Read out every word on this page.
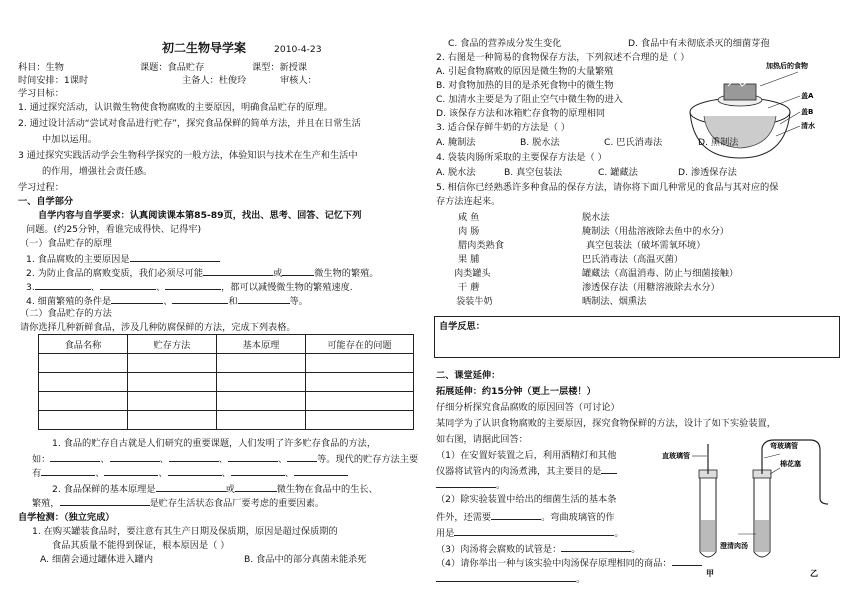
初二生物导学案	2010-4-23
科目：生物	课题：食品贮存	课型：新授课
时间安排：1课时	主备人：杜俊玲	审核人：
学习目标：
1. 通过探究活动，认识微生物使食物腐败的主要原因，明确食品贮存的原理。
2. 通过设计活动“尝试对食品进行贮存”，探究食品保鲜的简单方法，并且在日常生活
中加以运用。
3 通过探究实践活动学会生物科学探究的一般方法，体验知识与技术在生产和生活中
的作用，增强社会责任感。
学习过程：
一、自学部分
自学内容与自学要求：认真阅读课本第85-89页，找出、思考、回答、记忆下列
问题。(约25分钟，看谁完成得快、记得牢)
（一）食品贮存的原理
1. 食品腐败的主要原因是
2. 为防止食品的腐败变质，我们必须尽可能	或	微生物的繁殖。
3.	、	、	，都可以减慢微生物的繁殖速度.
4. 细菌繁殖的条件是	、	和	等。
（二）食品贮存的方法
请你选择几种新鲜食品，涉及几种防腐保鲜的方法，完成下列表格。
食品名称	贮存方法	基本原理	可能存在的问题

1. 食品的贮存自古就是人们研究的重要课题，人们发明了许多贮存食品的方法，
如：	、	、	、	、	等。现代的贮存方法主要
有	、	、	、	、
2. 食品保鲜的基本原理是	或	微生物在食品中的生长、
繁殖，	是贮存生活状态食品厂要考虑的重要因素。
自学检测：（独立完成）
1. 在购买罐装食品时，要注意有其生产日期及保质期，原因是超过保质期的
食品其质量不能得到保证，根本原因是（ ）
A. 细菌会通过罐体进入罐内	B. 食品中的部分真菌未能杀死
C. 食品的营养成分发生变化	D. 食品中有未彻底杀灭的细菌芽孢
2. 右图是一种简易的食物保存方法，下列叙述不合理的是（ ）
A. 引起食物腐败的原因是微生物的大量繁殖
B. 对食物加热的目的是杀死食物中的微生物
C. 加清水主要是为了阻止空气中微生物的进入
D. 该保存方法和冰箱贮存食物的原理相同
加热后的食物
盖A
盖B
清水
3. 适合保存鲜牛奶的方法是（ ）
A. 腌制法	B. 脱水法	C. 巴氏消毒法	D. 熏制法
4. 袋装肉肠所采取的主要保存方法是（ ）
A. 脱水法	B. 真空包装法	C. 罐藏法	D. 渗透保存法
5. 相信你已经熟悉许多种食品的保存方法，请你将下面几种常见的食品与其对应的保
存方法连起来。
咸 鱼
肉 肠
腊肉类熟食
果 脯
肉类罐头
干 蘑
袋装牛奶
脱水法
腌制法（用盐溶液除去鱼中的水分）
真空包装法（破坏需氧环境）
巴氏消毒法（高温灭菌）
罐藏法（高温消毒、防止与细菌接触）
渗透保存法（用糖溶液除去水分）
晒制法、烟熏法
自学反思：
二、课堂延伸：
拓展延伸：约15分钟（更上一层楼！）
仔细分析探究食品腐败的原因回答（可讨论）
某同学为了认识食物腐败的主要原因，探究食物保鲜的方法，设计了如下实验装置，
如右图，请据此回答：
（1）在安置好装置之后，利用酒精灯和其他
仪器将试管内的肉汤煮沸，其主要目的是
。
（2）除实验装置中给出的细菌生活的基本条
件外，还需要	。弯曲玻璃管的作
用是	。
（3）肉汤将会腐败的试管是：	。
（4）请你举出一种与该实验中肉汤保存原理相同的商品：
。
直玻璃管
弯玻璃管
棉花塞
澄清肉汤
甲	乙
